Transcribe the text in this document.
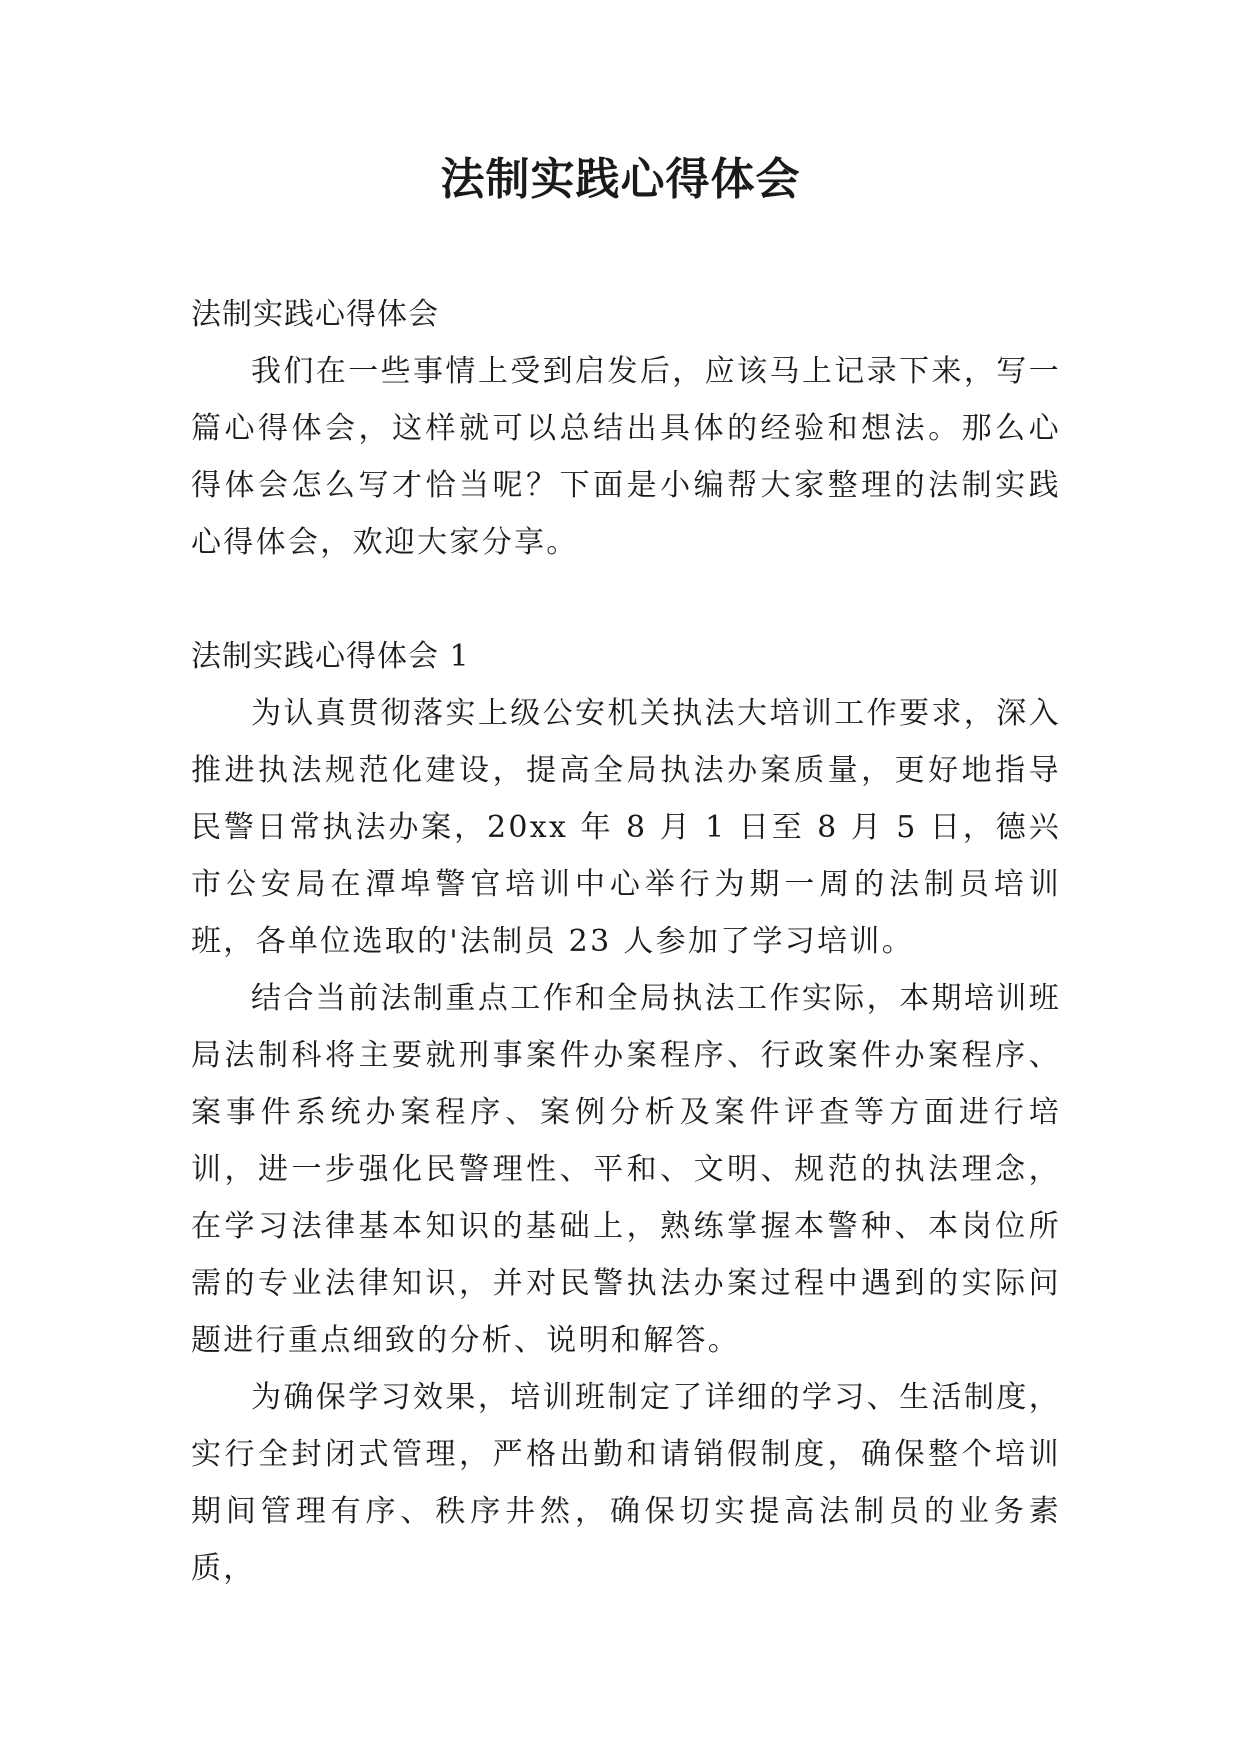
法制实践心得体会

法制实践心得体会

我们在一些事情上受到启发后，应该马上记录下来，写一篇心得体会，这样就可以总结出具体的经验和想法。那么心得体会怎么写才恰当呢？下面是小编帮大家整理的法制实践心得体会，欢迎大家分享。

法制实践心得体会 1

为认真贯彻落实上级公安机关执法大培训工作要求，深入推进执法规范化建设，提高全局执法办案质量，更好地指导民警日常执法办案，20xx 年 8 月 1 日至 8 月 5 日，德兴市公安局在潭埠警官培训中心举行为期一周的法制员培训班，各单位选取的'法制员 23 人参加了学习培训。

结合当前法制重点工作和全局执法工作实际，本期培训班局法制科将主要就刑事案件办案程序、行政案件办案程序、案事件系统办案程序、案例分析及案件评查等方面进行培训，进一步强化民警理性、平和、文明、规范的执法理念，在学习法律基本知识的基础上，熟练掌握本警种、本岗位所需的专业法律知识，并对民警执法办案过程中遇到的实际问题进行重点细致的分析、说明和解答。

为确保学习效果，培训班制定了详细的学习、生活制度，实行全封闭式管理，严格出勤和请销假制度，确保整个培训期间管理有序、秩序井然，确保切实提高法制员的业务素质，
